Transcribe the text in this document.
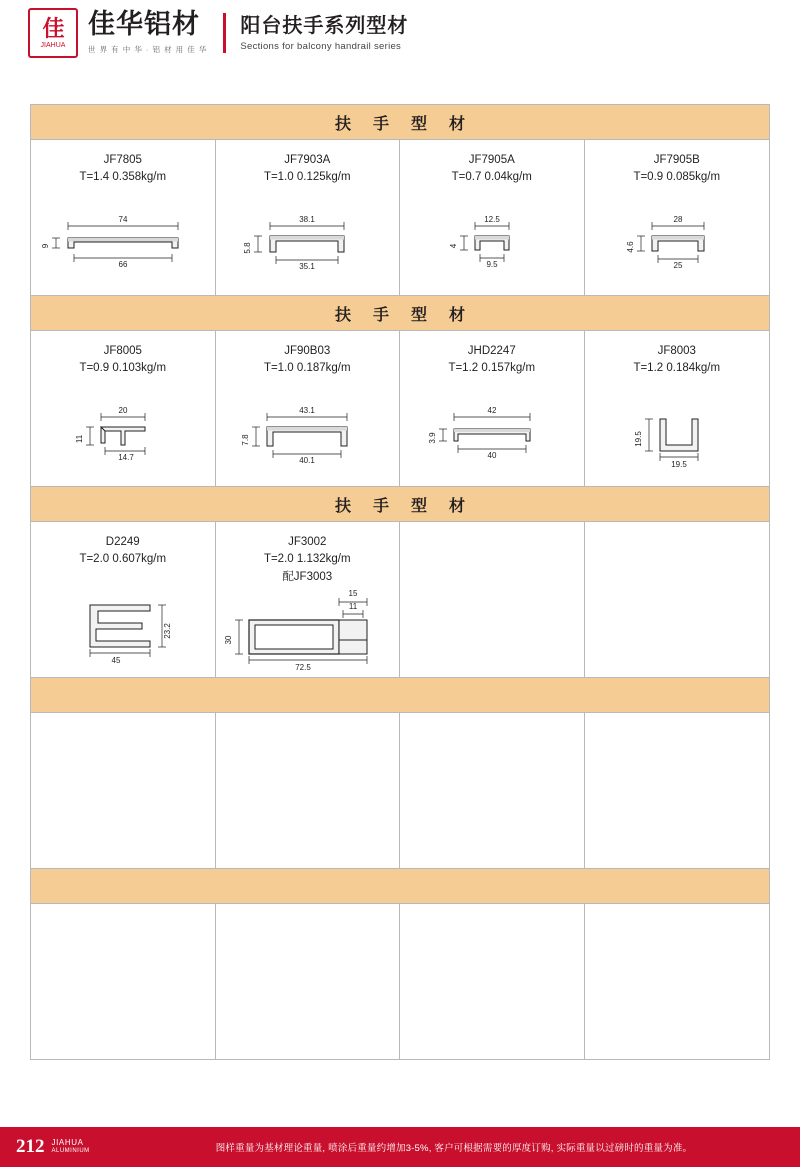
佳
JIAHUA
佳华铝材
世 界 有 中 华 · 铝 材 用 佳 华
阳台扶手系列型材
Sections for balcony handrail series
扶 手 型 材
JF7805
T=1.4 0.358kg/m
74
66
9
JF7903A
T=1.0 0.125kg/m
38.1
35.1
5.8
JF7905A
T=0.7 0.04kg/m
12.5
9.5
4
JF7905B
T=0.9 0.085kg/m
28
25
4.6
扶 手 型 材
JF8005
T=0.9 0.103kg/m
20
14.7
11
JF90B03
T=1.0 0.187kg/m
43.1
40.1
7.8
JHD2247
T=1.2 0.157kg/m
42
40
3.9
JF8003
T=1.2 0.184kg/m
19.5
19.5
扶 手 型 材
D2249
T=2.0 0.607kg/m
45
23.2
JF3002
T=2.0 1.132kg/m
配JF3003
15
11
30
72.5
212 JIAHUA
ALUMINIUM	图样重量为基材理论重量, 喷涂后重量约增加3-5%, 客户可根据需要的厚度订购, 实际重量以过磅时的重量为准。
